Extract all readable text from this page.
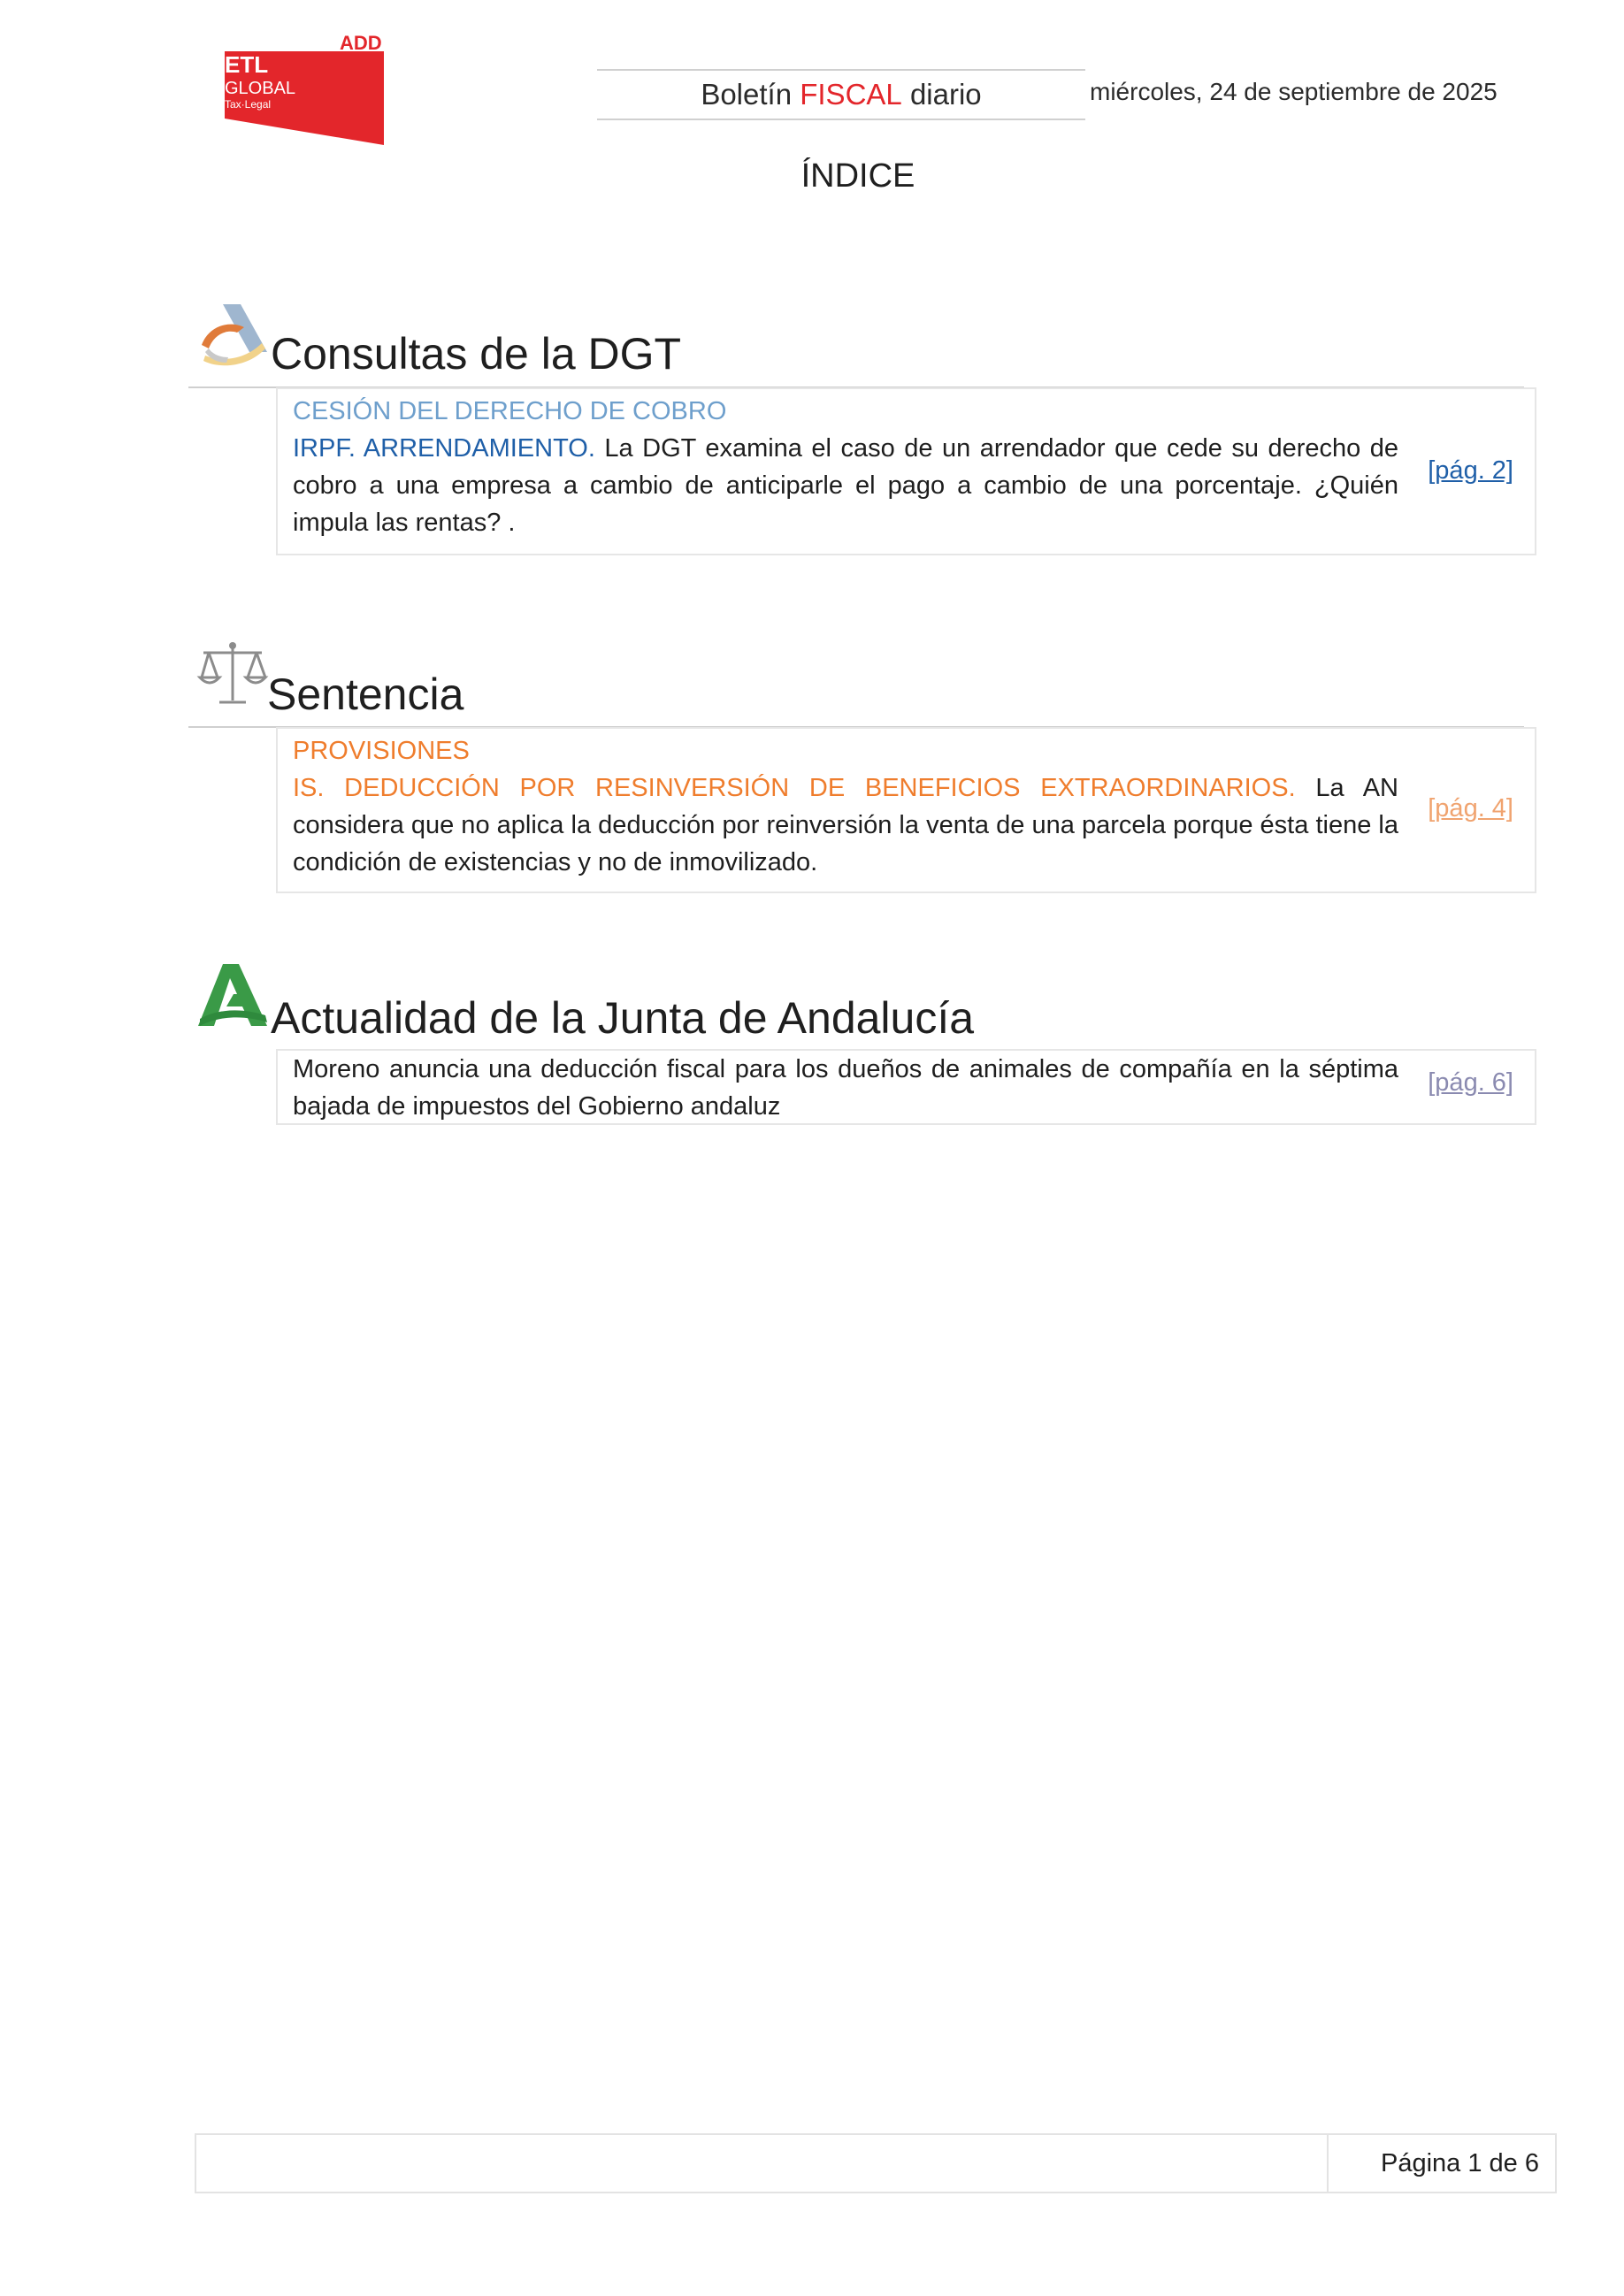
ETL
GLOBAL
Tax·Legal
ADD
Boletín FISCAL diario	miércoles, 24 de septiembre de 2025
ÍNDICE
Consultas de la DGT
CESIÓN DEL DERECHO DE COBRO
IRPF. ARRENDAMIENTO. La DGT examina el caso de un arrendador que cede su derecho de cobro a una empresa a cambio de anticiparle el pago a cambio de una porcentaje. ¿Quién impula las rentas? .
[pág. 2]
Sentencia
PROVISIONES
IS. DEDUCCIÓN POR RESINVERSIÓN DE BENEFICIOS EXTRAORDINARIOS. La AN considera que no aplica la deducción por reinversión la venta de una parcela porque ésta tiene la condición de existencias y no de inmovilizado.
[pág. 4]
Actualidad de la Junta de Andalucía
Moreno anuncia una deducción fiscal para los dueños de animales de compañía en la séptima bajada de impuestos del Gobierno andaluz
[pág. 6]
Página 1 de 6
